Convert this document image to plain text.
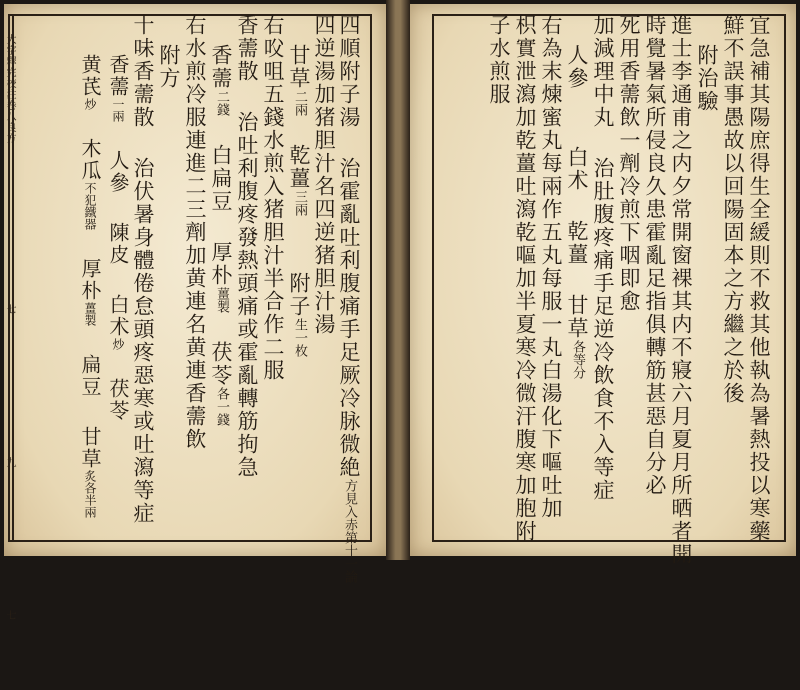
大字釋完校注卷八良方
七 九 七
四順附子湯治霍亂吐利腹痛手足厥冷脉微絶方見入赤第十一論
四逆湯加猪胆汁名四逆猪胆汁湯
甘草二兩乾薑三兩附子生一枚
右㕮咀五錢水煎入猪胆汁半合作二服
香薷散治吐利腹疼發熱頭痛或霍亂轉筋拘急
香薷二錢白扁豆厚朴薑製茯苓各一錢
右水煎冷服連進二三劑加黄連名黄連香薷飲
附方
十味香薷散治伏暑身體倦怠頭疼惡寒或吐瀉等症
香薷一兩人參陳皮白术炒茯苓
黄芪炒木瓜不犯鐵器厚朴薑製扁豆甘草炙各半兩	宜急補其陽庶得生全緩則不救其他執為暑熱投以寒藥
鮮不誤事愚故以回陽固本之方繼之於後
附治驗
進士李通甫之内夕常開窗裸其内不寢六月夏月所晒者開
時覺暑氣所侵良久患霍亂足指俱轉筋甚惡自分必
死用香薷飲一劑冷煎下咽即愈
加減理中丸治肚腹疼痛手足逆冷飲食不入等症
人參白术乾薑甘草各等分
右為末煉蜜丸每兩作五丸每服一丸白湯化下嘔吐加
枳實泄瀉加乾薑吐瀉乾嘔加半夏寒冷微汗腹寒加胞附
子水煎服
